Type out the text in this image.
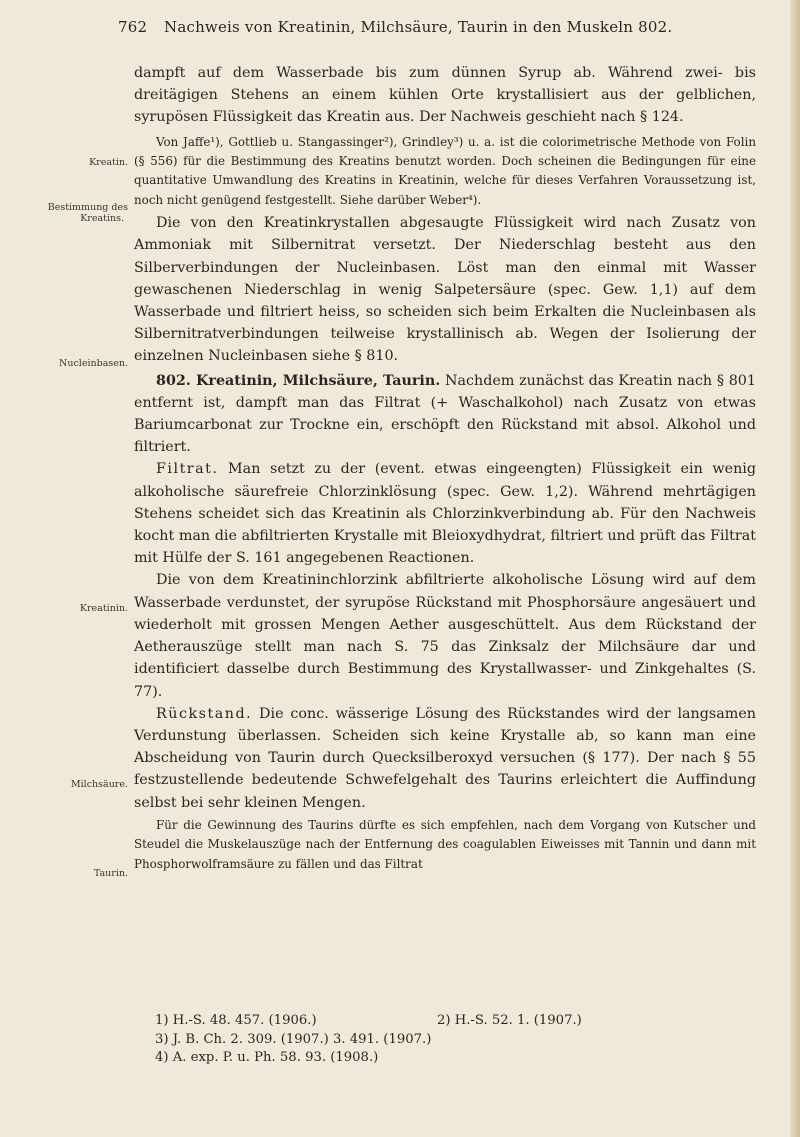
762 Nachweis von Kreatinin, Milchsäure, Taurin in den Muskeln 802.
Kreatin.
Bestimmung des
Kreatins.
Nucleinbasen.
Kreatinin.
Milchsäure.
Taurin.

dampft auf dem Wasserbade bis zum dünnen Syrup ab. Während zwei- bis dreitägigen Stehens an einem kühlen Orte krystallisiert aus der gelblichen, syrupösen Flüssigkeit das Kreatin aus. Der Nachweis geschieht nach § 124.

Von Jaffe¹), Gottlieb u. Stangassinger²), Grindley³) u. a. ist die colorimetrische Methode von Folin (§ 556) für die Bestimmung des Kreatins benutzt worden. Doch scheinen die Bedingungen für eine quantitative Umwandlung des Kreatins in Kreatinin, welche für dieses Verfahren Voraussetzung ist, noch nicht genügend festgestellt. Siehe darüber Weber⁴).

Die von den Kreatinkrystallen abgesaugte Flüssigkeit wird nach Zusatz von Ammoniak mit Silbernitrat versetzt. Der Niederschlag besteht aus den Silberverbindungen der Nucleinbasen. Löst man den einmal mit Wasser gewaschenen Niederschlag in wenig Salpetersäure (spec. Gew. 1,1) auf dem Wasserbade und filtriert heiss, so scheiden sich beim Erkalten die Nucleinbasen als Silbernitratverbindungen teilweise krystallinisch ab. Wegen der Isolierung der einzelnen Nucleinbasen siehe § 810.

802. Kreatinin, Milchsäure, Taurin. Nachdem zunächst das Kreatin nach § 801 entfernt ist, dampft man das Filtrat (+ Waschalkohol) nach Zusatz von etwas Bariumcarbonat zur Trockne ein, erschöpft den Rückstand mit absol. Alkohol und filtriert.

Filtrat. Man setzt zu der (event. etwas eingeengten) Flüssigkeit ein wenig alkoholische säurefreie Chlorzinklösung (spec. Gew. 1,2). Während mehrtägigen Stehens scheidet sich das Kreatinin als Chlorzinkverbindung ab. Für den Nachweis kocht man die abfiltrierten Krystalle mit Bleioxydhydrat, filtriert und prüft das Filtrat mit Hülfe der S. 161 angegebenen Reactionen.

Die von dem Kreatininchlorzink abfiltrierte alkoholische Lösung wird auf dem Wasserbade verdunstet, der syrupöse Rückstand mit Phosphorsäure angesäuert und wiederholt mit grossen Mengen Aether ausgeschüttelt. Aus dem Rückstand der Aetherauszüge stellt man nach S. 75 das Zinksalz der Milchsäure dar und identificiert dasselbe durch Bestimmung des Krystallwasser- und Zinkgehaltes (S. 77).

Rückstand. Die conc. wässerige Lösung des Rückstandes wird der langsamen Verdunstung überlassen. Scheiden sich keine Krystalle ab, so kann man eine Abscheidung von Taurin durch Quecksilberoxyd versuchen (§ 177). Der nach § 55 festzustellende bedeutende Schwefelgehalt des Taurins erleichtert die Auffindung selbst bei sehr kleinen Mengen.

Für die Gewinnung des Taurins dürfte es sich empfehlen, nach dem Vorgang von Kutscher und Steudel die Muskelauszüge nach der Entfernung des coagulablen Eiweisses mit Tannin und dann mit Phosphorwolframsäure zu fällen und das Filtrat

1) H.-S. 48. 457. (1906.)	2) H.-S. 52. 1. (1907.)
3) J. B. Ch. 2. 309. (1907.) 3. 491. (1907.)
4) A. exp. P. u. Ph. 58. 93. (1908.)
